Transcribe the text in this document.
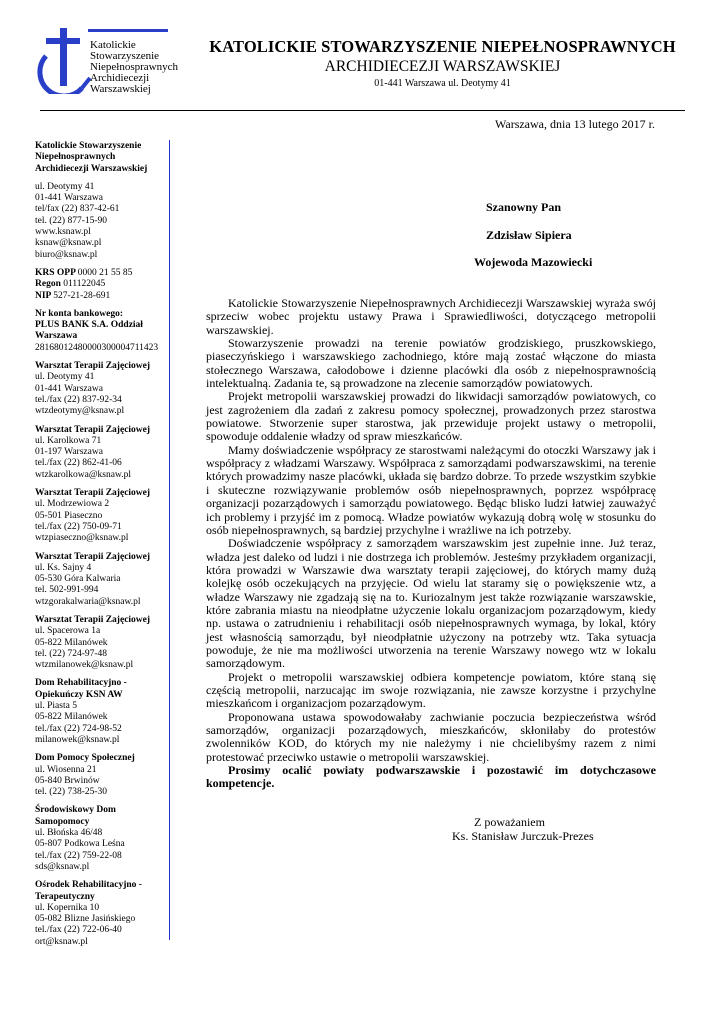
Katolickie
Stowarzyszenie
Niepełnosprawnych
Archidiecezji
Warszawskiej
KATOLICKIE STOWARZYSZENIE NIEPEŁNOSPRAWNYCH
ARCHIDIECEZJI WARSZAWSKIEJ
01-441 Warszawa ul. Deotymy 41
Warszawa, dnia 13 lutego 2017 r.
Katolickie Stowarzyszenie
Niepełnosprawnych
Archidiecezji Warszawskiej
ul. Deotymy 41
01-441 Warszawa
tel/fax (22) 837-42-61
tel. (22) 877-15-90
www.ksnaw.pl
ksnaw@ksnaw.pl
biuro@ksnaw.pl
KRS OPP 0000 21 55 85
Regon 011122045
NIP 527-21-28-691
Nr konta bankowego:
PLUS BANK S.A. Oddział
Warszawa
28168012480000300004711423
Warsztat Terapii Zajęciowej
ul. Deotymy 41
01-441 Warszawa
tel./fax (22) 837-92-34
wtzdeotymy@ksnaw.pl
Warsztat Terapii Zajęciowej
ul. Karolkowa 71
01-197 Warszawa
tel./fax (22) 862-41-06
wtzkarolkowa@ksnaw.pl
Warsztat Terapii Zajęciowej
ul. Modrzewiowa 2
05-501 Piaseczno
tel./fax (22) 750-09-71
wtzpiaseczno@ksnaw.pl
Warsztat Terapii Zajęciowej
ul. Ks. Sajny 4
05-530 Góra Kalwaria
tel. 502-991-994
wtzgorakalwaria@ksnaw.pl
Warsztat Terapii Zajęciowej
ul. Spacerowa 1a
05-822 Milanówek
tel. (22) 724-97-48
wtzmilanowek@ksnaw.pl
Dom Rehabilitacyjno -
Opiekuńczy KSN AW
ul. Piasta 5
05-822 Milanówek
tel./fax (22) 724-98-52
milanowek@ksnaw.pl
Dom Pomocy Społecznej
ul. Wiosenna 21
05-840 Brwinów
tel. (22) 738-25-30
Środowiskowy Dom
Samopomocy
ul. Błońska 46/48
05-807 Podkowa Leśna
tel./fax (22) 759-22-08
sds@ksnaw.pl
Ośrodek Rehabilitacyjno -
Terapeutyczny
ul. Kopernika 10
05-082 Blizne Jasińskiego
tel./fax (22) 722-06-40
ort@ksnaw.pl
Szanowny Pan
Zdzisław Sipiera
Wojewoda Mazowiecki

Katolickie Stowarzyszenie Niepełnosprawnych Archidiecezji Warszawskiej wyraża swój sprzeciw wobec projektu ustawy Prawa i Sprawiedliwości, dotyczącego metropolii warszawskiej.

Stowarzyszenie prowadzi na terenie powiatów grodziskiego, pruszkowskiego, piaseczyńskiego i warszawskiego zachodniego, które mają zostać włączone do miasta stołecznego Warszawa, całodobowe i dzienne placówki dla osób z niepełnosprawnością intelektualną. Zadania te, są prowadzone na zlecenie samorządów powiatowych.

Projekt metropolii warszawskiej prowadzi do likwidacji samorządów powiatowych, co jest zagrożeniem dla zadań z zakresu pomocy społecznej, prowadzonych przez starostwa powiatowe. Stworzenie super starostwa, jak przewiduje projekt ustawy o metropolii, spowoduje oddalenie władzy od spraw mieszkańców.

Mamy doświadczenie współpracy ze starostwami należącymi do otoczki Warszawy jak i współpracy z władzami Warszawy. Współpraca z samorządami podwarszawskimi, na terenie których prowadzimy nasze placówki, układa się bardzo dobrze. To przede wszystkim szybkie i skuteczne rozwiązywanie problemów osób niepełnosprawnych, poprzez współpracę organizacji pozarządowych i samorządu powiatowego. Będąc blisko ludzi łatwiej zauważyć ich problemy i przyjść im z pomocą. Władze powiatów wykazują dobrą wolę w stosunku do osób niepełnosprawnych, są bardziej przychylne i wrażliwe na ich potrzeby.

Doświadczenie współpracy z samorządem warszawskim jest zupełnie inne. Już teraz, władza jest daleko od ludzi i nie dostrzega ich problemów. Jesteśmy przykładem organizacji, która prowadzi w Warszawie dwa warsztaty terapii zajęciowej, do których mamy dużą kolejkę osób oczekujących na przyjęcie. Od wielu lat staramy się o powiększenie wtz, a władze Warszawy nie zgadzają się na to. Kuriozalnym jest także rozwiązanie warszawskie, które zabrania miastu na nieodpłatne użyczenie lokalu organizacjom pozarządowym, kiedy np. ustawa o zatrudnieniu i rehabilitacji osób niepełnosprawnych wymaga, by lokal, który jest własnością samorządu, był nieodpłatnie użyczony na potrzeby wtz. Taka sytuacja powoduje, że nie ma możliwości utworzenia na terenie Warszawy nowego wtz w lokalu samorządowym.

Projekt o metropolii warszawskiej odbiera kompetencje powiatom, które staną się częścią metropolii, narzucając im swoje rozwiązania, nie zawsze korzystne i przychylne mieszkańcom i organizacjom pozarządowym.

Proponowana ustawa spowodowałaby zachwianie poczucia bezpieczeństwa wśród samorządów, organizacji pozarządowych, mieszkańców, skłoniłaby do protestów zwolenników KOD, do których my nie należymy i nie chcielibyśmy razem z nimi protestować przeciwko ustawie o metropolii warszawskiej.

Prosimy ocalić powiaty podwarszawskie i pozostawić im dotychczasowe kompetencje.

Z poważaniem
Ks. Stanisław Jurczuk-Prezes
